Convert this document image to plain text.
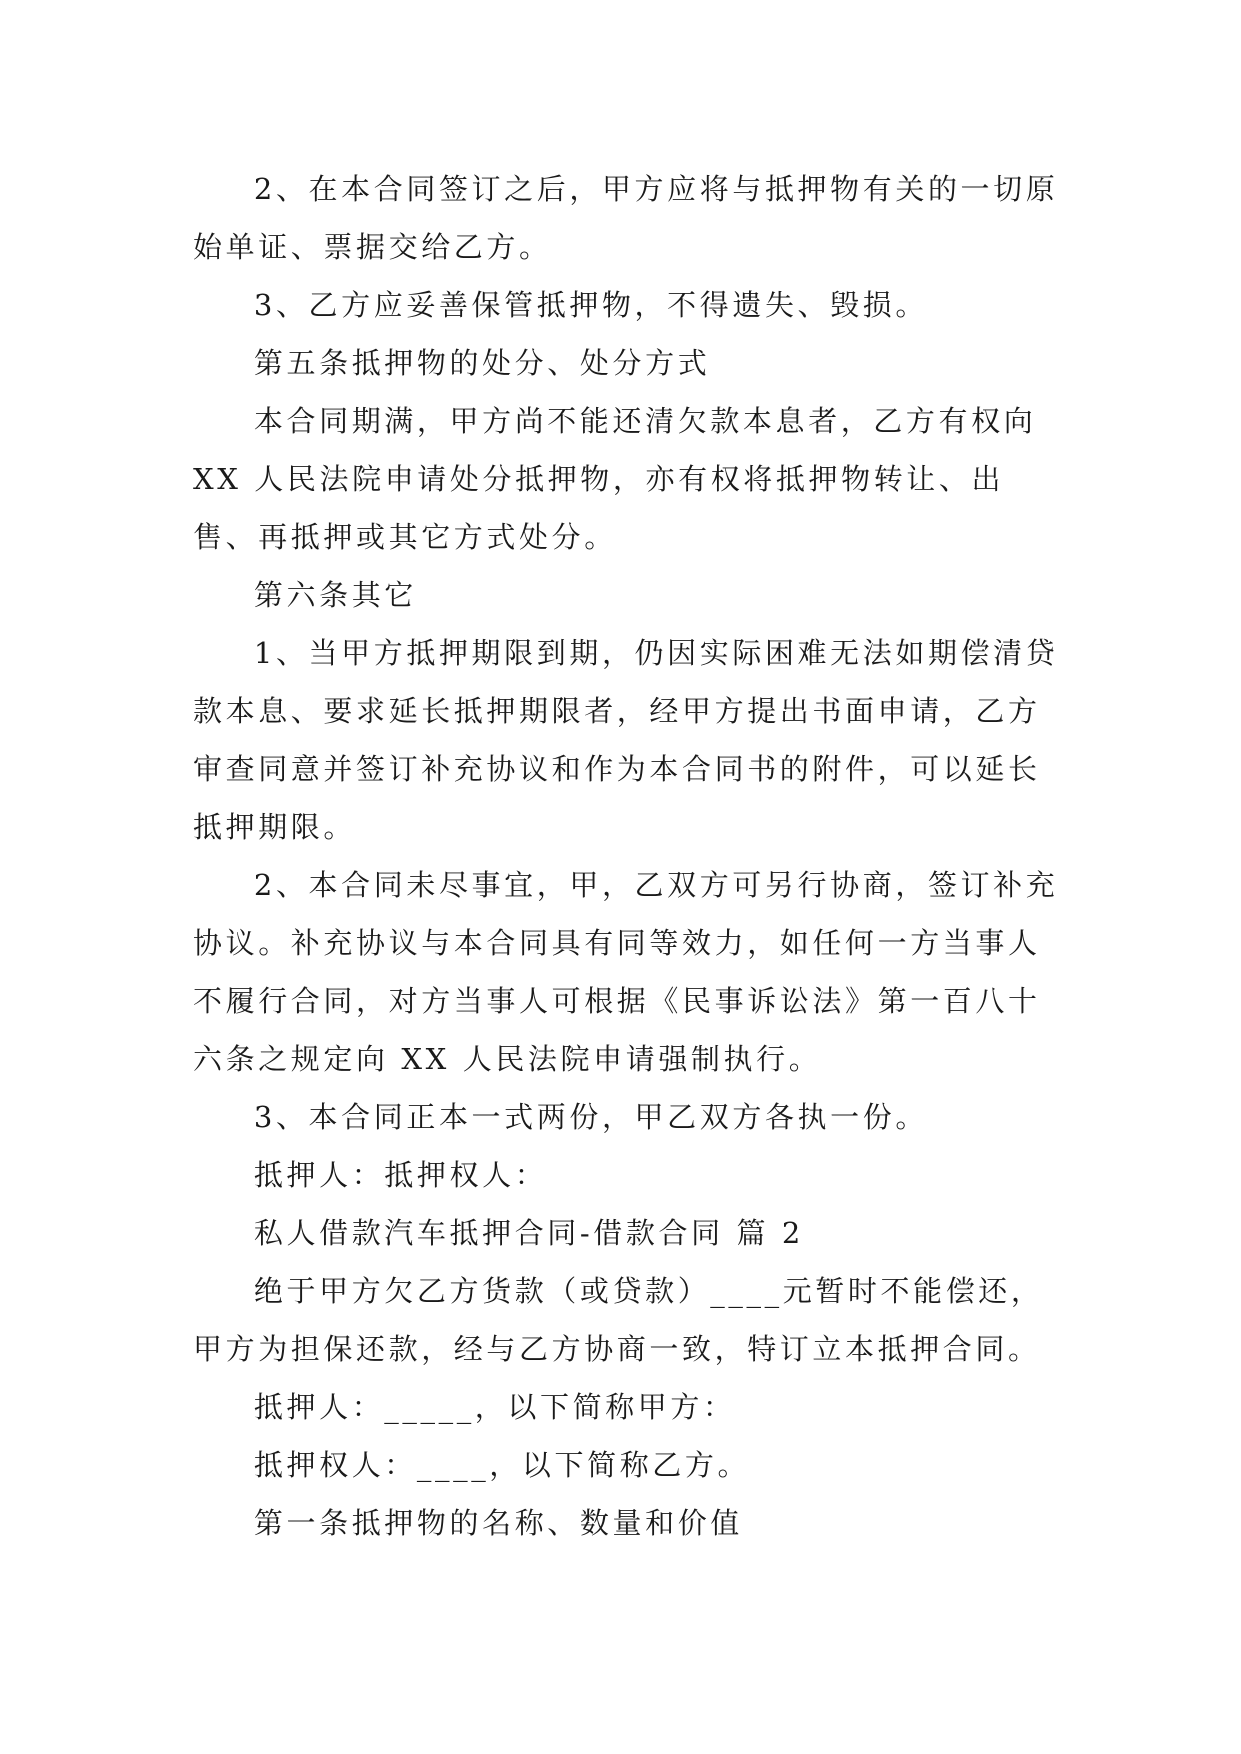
2、在本合同签订之后，甲方应将与抵押物有关的一切原始单证、票据交给乙方。

3、乙方应妥善保管抵押物，不得遗失、毁损。

第五条抵押物的处分、处分方式

本合同期满，甲方尚不能还清欠款本息者，乙方有权向 XX 人民法院申请处分抵押物，亦有权将抵押物转让、出售、再抵押或其它方式处分。

第六条其它

1、当甲方抵押期限到期，仍因实际困难无法如期偿清贷款本息、要求延长抵押期限者，经甲方提出书面申请，乙方审查同意并签订补充协议和作为本合同书的附件，可以延长抵押期限。

2、本合同未尽事宜，甲，乙双方可另行协商，签订补充协议。补充协议与本合同具有同等效力，如任何一方当事人不履行合同，对方当事人可根据《民事诉讼法》第一百八十六条之规定向 XX 人民法院申请强制执行。

3、本合同正本一式两份，甲乙双方各执一份。

抵押人：抵押权人：

私人借款汽车抵押合同-借款合同 篇 2

绝于甲方欠乙方货款（或贷款）____元暂时不能偿还，甲方为担保还款，经与乙方协商一致，特订立本抵押合同。

抵押人：_____，以下简称甲方：

抵押权人：____，以下简称乙方。

第一条抵押物的名称、数量和价值
